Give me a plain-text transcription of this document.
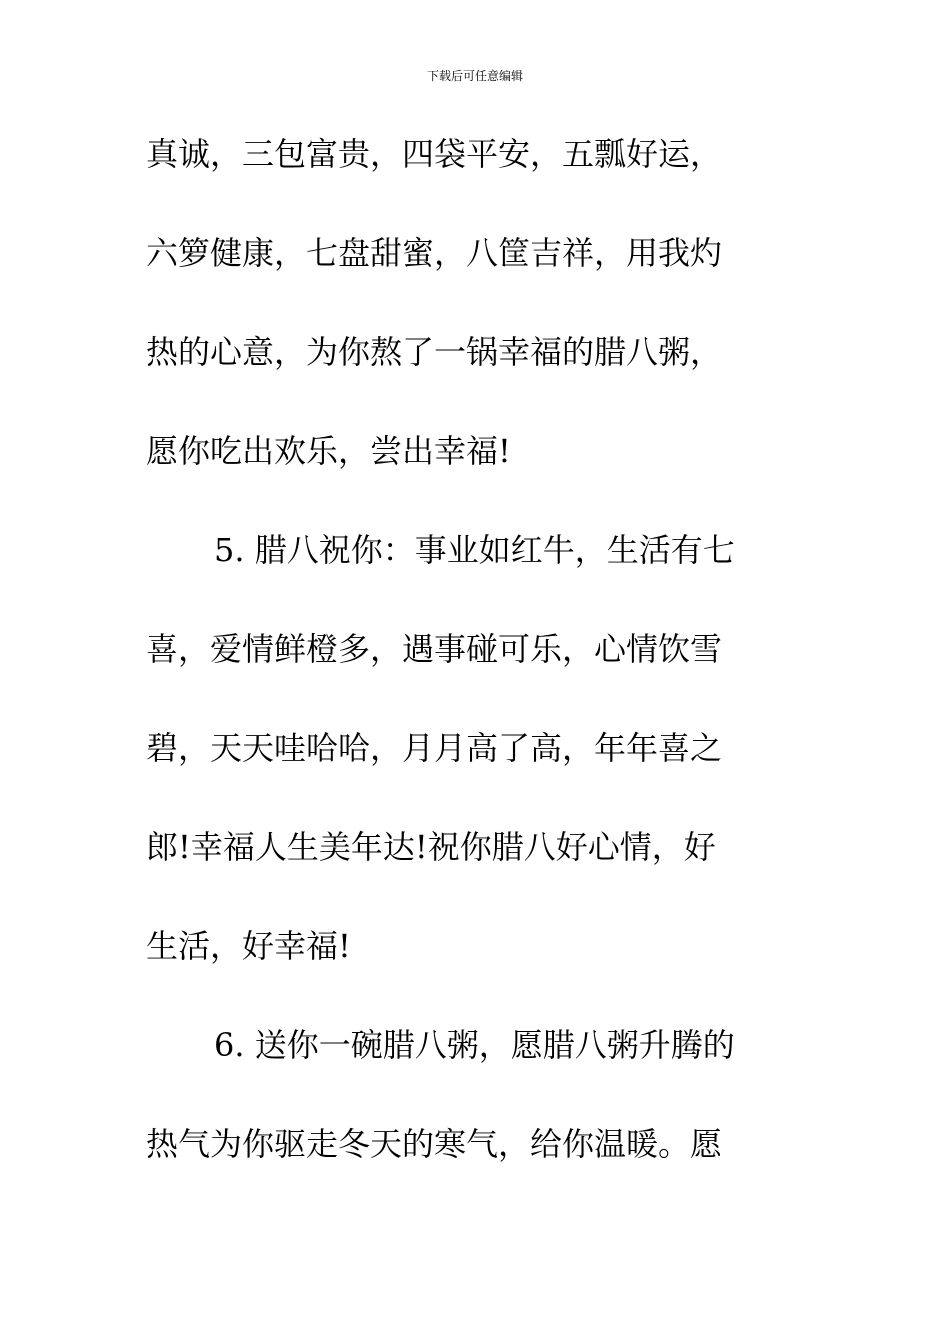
下载后可任意编辑
真诚，三包富贵，四袋平安，五瓢好运，
六箩健康，七盘甜蜜，八筐吉祥，用我灼
热的心意，为你熬了一锅幸福的腊八粥，
愿你吃出欢乐，尝出幸福!
5. 腊八祝你：事业如红牛，生活有七
喜，爱情鲜橙多，遇事碰可乐，心情饮雪
碧，天天哇哈哈，月月高了高，年年喜之
郎!幸福人生美年达!祝你腊八好心情，好
生活，好幸福!
6. 送你一碗腊八粥，愿腊八粥升腾的
热气为你驱走冬天的寒气，给你温暖。愿
